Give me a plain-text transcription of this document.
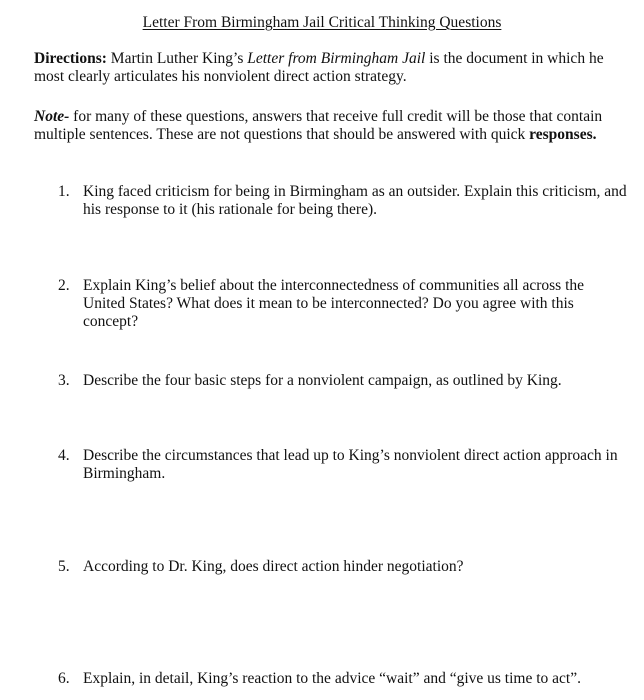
Letter From Birmingham Jail Critical Thinking Questions
Directions: Martin Luther King’s Letter from Birmingham Jail is the document in which he most clearly articulates his nonviolent direct action strategy.
Note- for many of these questions, answers that receive full credit will be those that contain multiple sentences. These are not questions that should be answered with quick responses.
1. King faced criticism for being in Birmingham as an outsider. Explain this criticism, and his response to it (his rationale for being there).
2. Explain King’s belief about the interconnectedness of communities all across the United States? What does it mean to be interconnected? Do you agree with this concept?
3. Describe the four basic steps for a nonviolent campaign, as outlined by King.
4. Describe the circumstances that lead up to King’s nonviolent direct action approach in Birmingham.
5. According to Dr. King, does direct action hinder negotiation?
6. Explain, in detail, King’s reaction to the advice “wait” and “give us time to act”.
